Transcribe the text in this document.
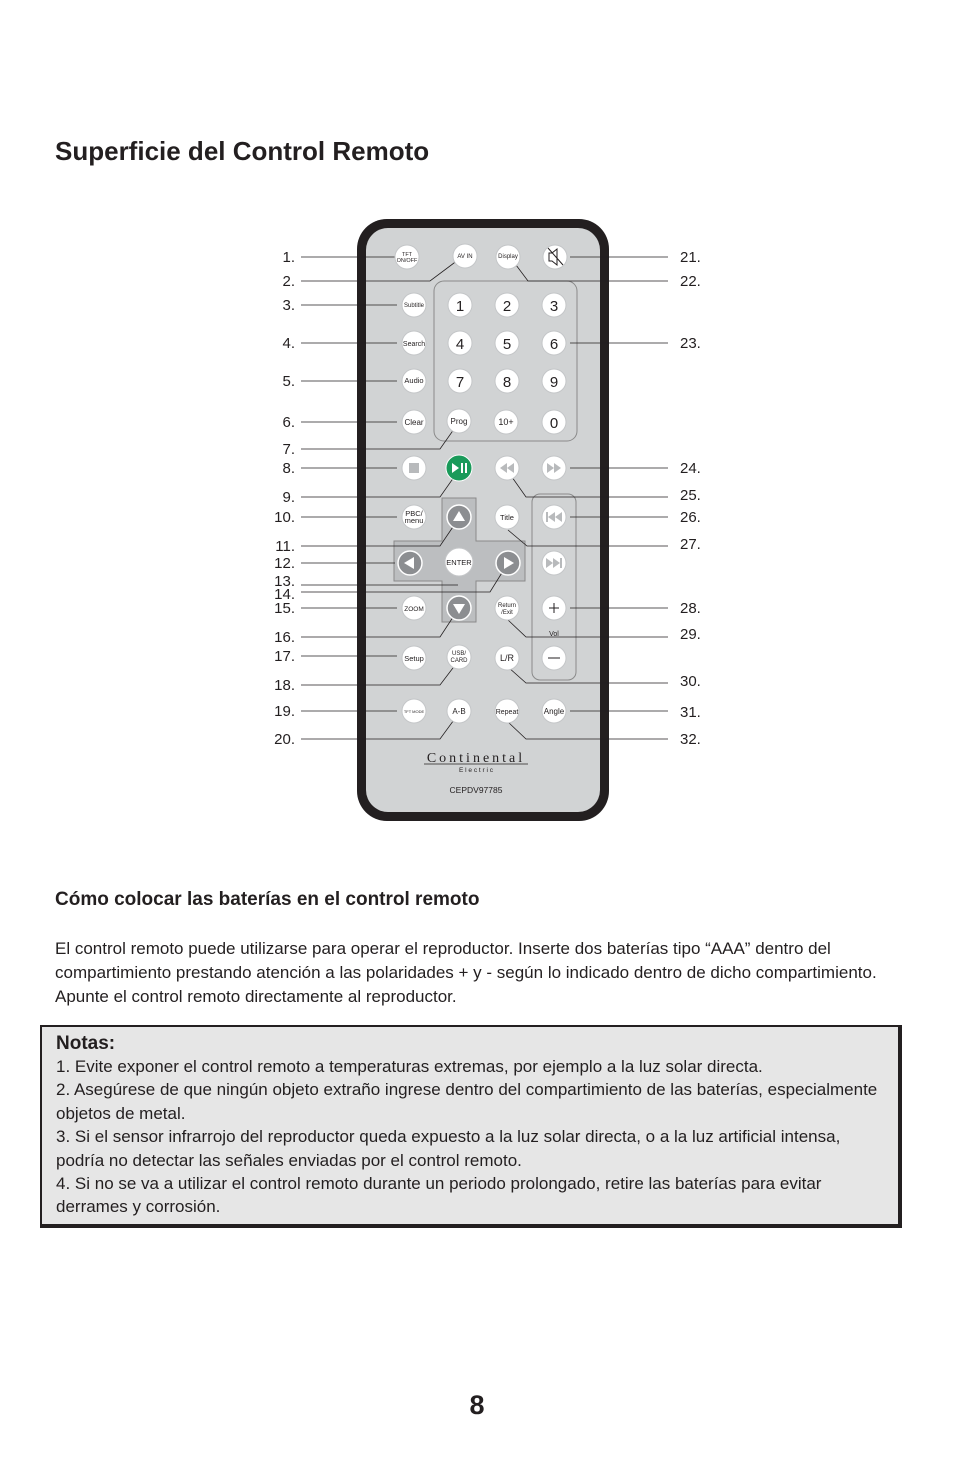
Superficie del Control Remoto
1.
2.
3.
4.
5.
6.
7.
8.
9.
10.
11.
12.
13.
14.
15.
16.
17.
18.
19.
20.
21.
22.
23.
24.
25.
26.
27.
28.
29.
30.
31.
32.
TFT
ON/OFF
AV IN	Display
Subtitle
Search
Audio
Clear	Prog	10+
1	2	3
4	5	6
7	8	9
0
PBC/
menu	Title
ENTER
ZOOM	Return
/Exit
Vol
Setup	USB/
CARD	L/R
TFT MODE	A-B	Repeat	Angle
Continental
E l e c t r i c
CEPDV97785
Cómo colocar las baterías en el control remoto

El control remoto puede utilizarse para operar el reproductor. Inserte dos baterías tipo “AAA” dentro del compartimiento prestando atención a las polaridades + y - según lo indicado dentro de dicho compartimiento. Apunte el control remoto directamente al reproductor.

Notas:

1. Evite exponer el control remoto a temperaturas extremas, por ejemplo a la luz solar directa.
2. Asegúrese de que ningún objeto extraño ingrese dentro del compartimiento de las baterías, especialmente objetos de metal.
3. Si el sensor infrarrojo del reproductor queda expuesto a la luz solar directa, o a la luz artificial intensa, podría no detectar las señales enviadas por el control remoto.
4. Si no se va a utilizar el control remoto durante un periodo prolongado, retire las baterías para evitar derrames y corrosión.
8
